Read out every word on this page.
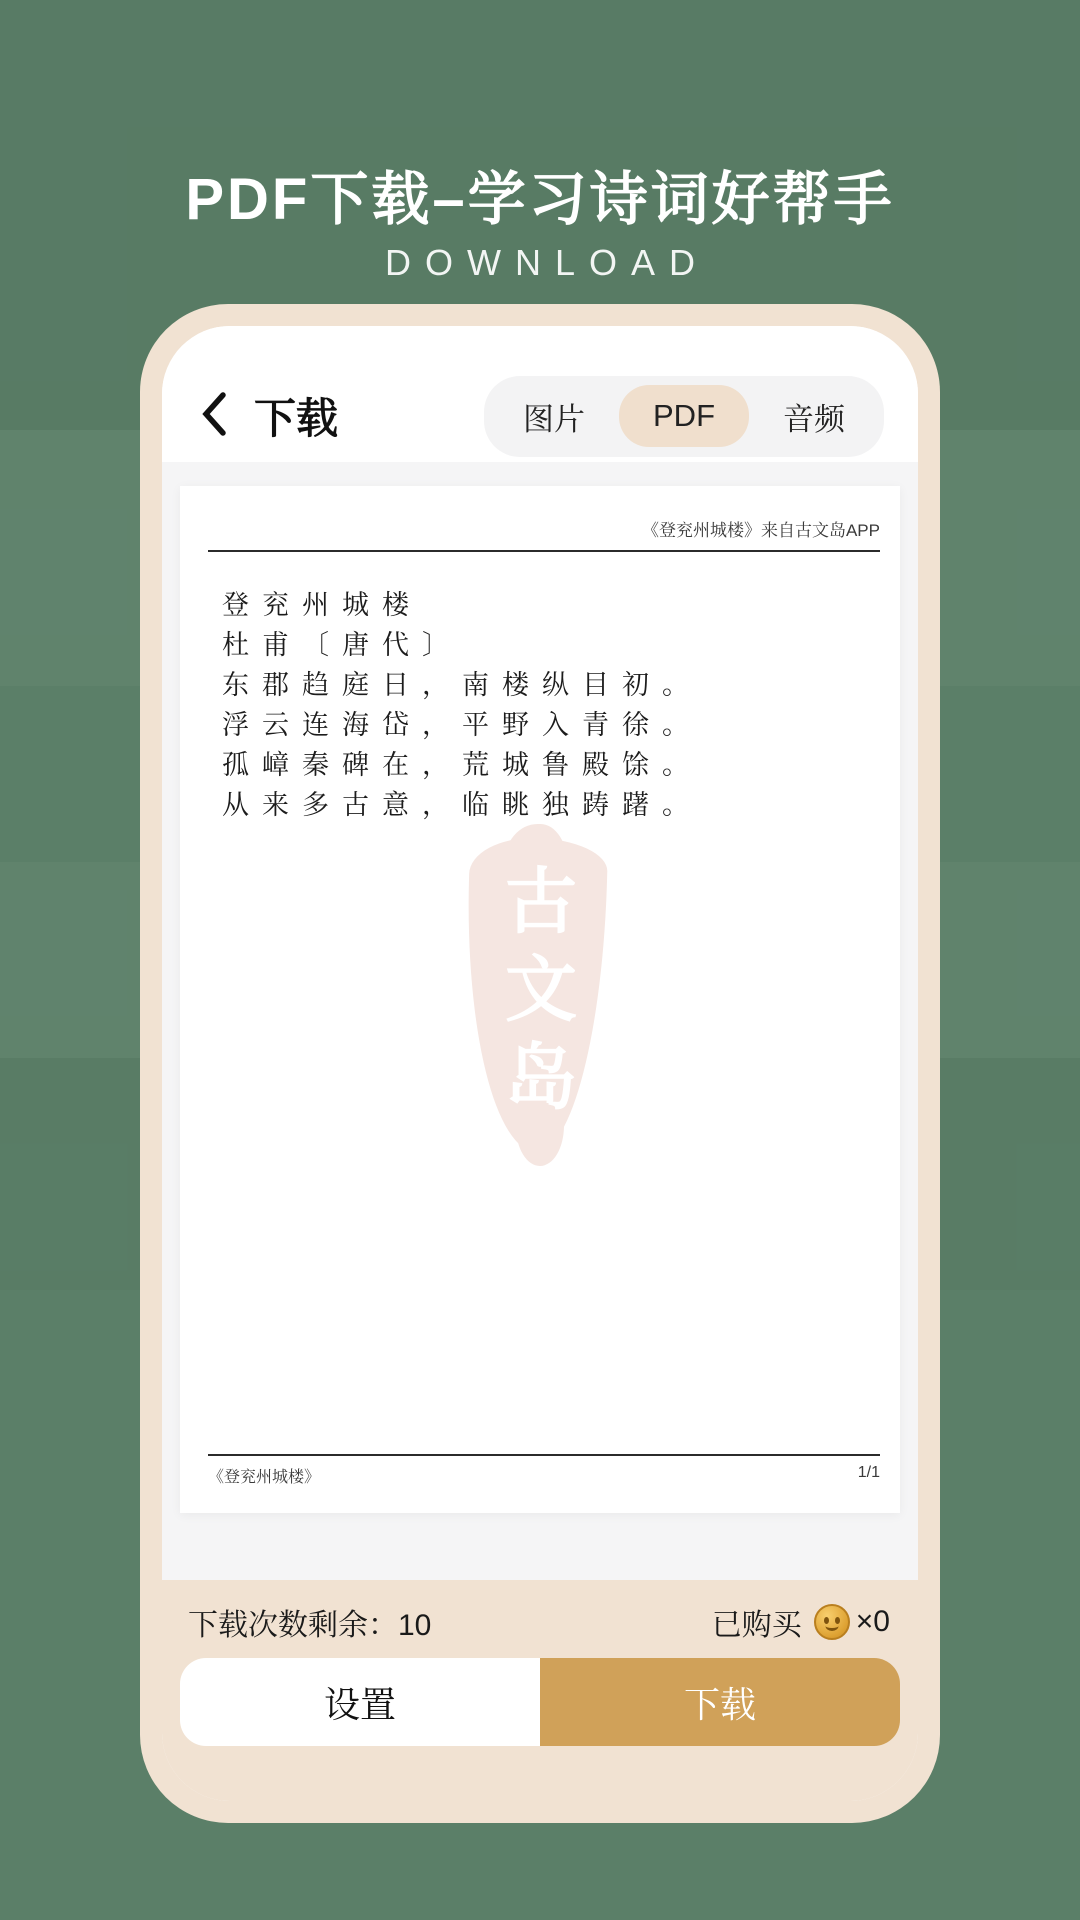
PDF下载–学习诗词好帮手
DOWNLOAD
下载	图片	PDF	音频
《登兖州城楼》来自古文岛APP

登兖州城楼

杜甫〔唐代〕

东郡趋庭日，南楼纵目初。

浮云连海岱，平野入青徐。

孤嶂秦碑在，荒城鲁殿馀。

从来多古意，临眺独踌躇。

古文岛
《登兖州城楼》	1/1
下载次数剩余：10	已购买 ×0
设置	下载
